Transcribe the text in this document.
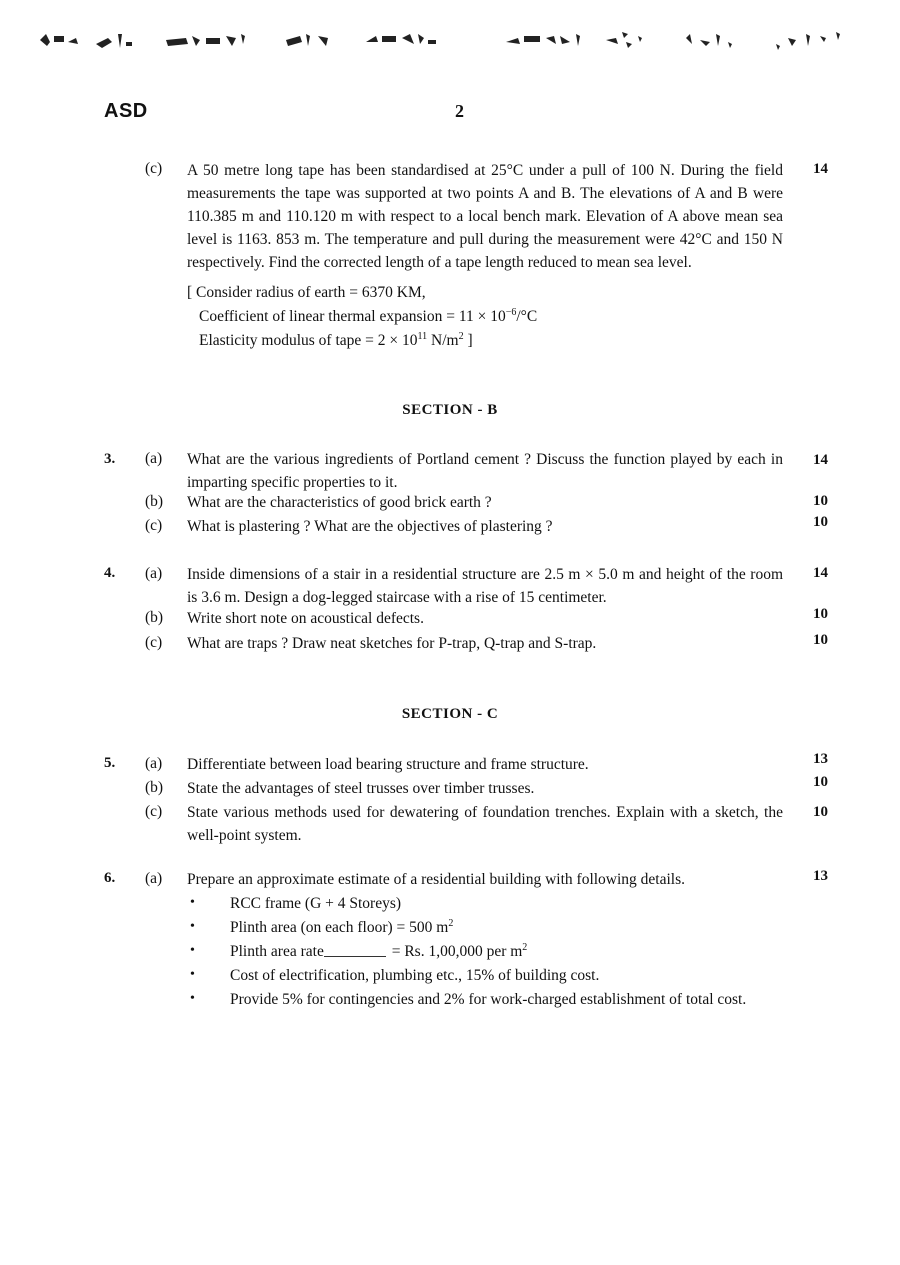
ASD	2
(c) A 50 metre long tape has been standardised at 25°C under a pull of 100 N. During the field measurements the tape was supported at two points A and B. The elevations of A and B were 110.385 m and 110.120 m with respect to a local bench mark. Elevation of A above mean sea level is 1163. 853 m. The temperature and pull during the measurement were 42°C and 150 N respectively. Find the corrected length of a tape length reduced to mean sea level.
14
[ Consider radius of earth = 6370 KM,
Coefficient of linear thermal expansion = $11 \times 10^{-6}/^\circ C$
Elasticity modulus of tape = $2 \times 10^{11}$ $N/m^2$ ]
SECTION - B
3. (a) What are the various ingredients of Portland cement ? Discuss the function played by each in imparting specific properties to it.
14
(b) What are the characteristics of good brick earth ?	10
(c) What is plastering ? What are the objectives of plastering ?	10
4. (a) Inside dimensions of a stair in a residential structure are 2.5 m × 5.0 m and height of the room is 3.6 m. Design a dog-legged staircase with a rise of 15 centimeter.
14
(b) Write short note on acoustical defects.	10
(c) What are traps ? Draw neat sketches for P-trap, Q-trap and S-trap.	10
SECTION - C
5. (a) Differentiate between load bearing structure and frame structure.	13
(b) State the advantages of steel trusses over timber trusses.	10
(c) State various methods used for dewatering of foundation trenches. Explain with a sketch, the well-point system.
10
6. (a) Prepare an approximate estimate of a residential building with following details.	13
• RCC frame (G + 4 Storeys)
• Plinth area (on each floor) = 500 $m^2$
• Plinth area rate	= Rs. 1,00,000 per $m^2$
• Cost of electrification, plumbing etc., 15% of building cost.
• Provide 5% for contingencies and 2% for work-charged establishment of total cost.
